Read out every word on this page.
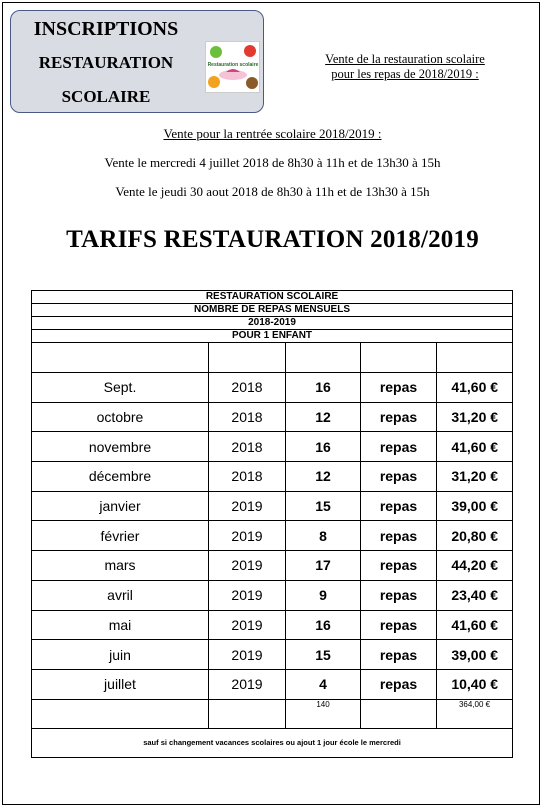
INSCRIPTIONS
RESTAURATION
SCOLAIRE
Restauration scolaire	Vente de la restauration scolaire
pour les repas de 2018/2019 :
Vente pour la rentrée scolaire 2018/2019 :
Vente le mercredi 4 juillet 2018 de 8h30 à 11h et de 13h30 à 15h
Vente le jeudi 30 aout 2018 de 8h30 à 11h et de 13h30 à 15h
TARIFS RESTAURATION 2018/2019
RESTAURATION SCOLAIRE				
NOMBRE DE REPAS MENSUELS				
2018-2019				
POUR 1 ENFANT				

Sept.	2018	16	repas	41,60 €
octobre	2018	12	repas	31,20 €
novembre	2018	16	repas	41,60 €
décembre	2018	12	repas	31,20 €
janvier	2019	15	repas	39,00 €
février	2019	8	repas	20,80 €
mars	2019	17	repas	44,20 €
avril	2019	9	repas	23,40 €
mai	2019	16	repas	41,60 €
juin	2019	15	repas	39,00 €
juillet	2019	4	repas	10,40 €
		140		364,00 €
sauf si changement vacances scolaires ou ajout 1 jour école le mercredi				
